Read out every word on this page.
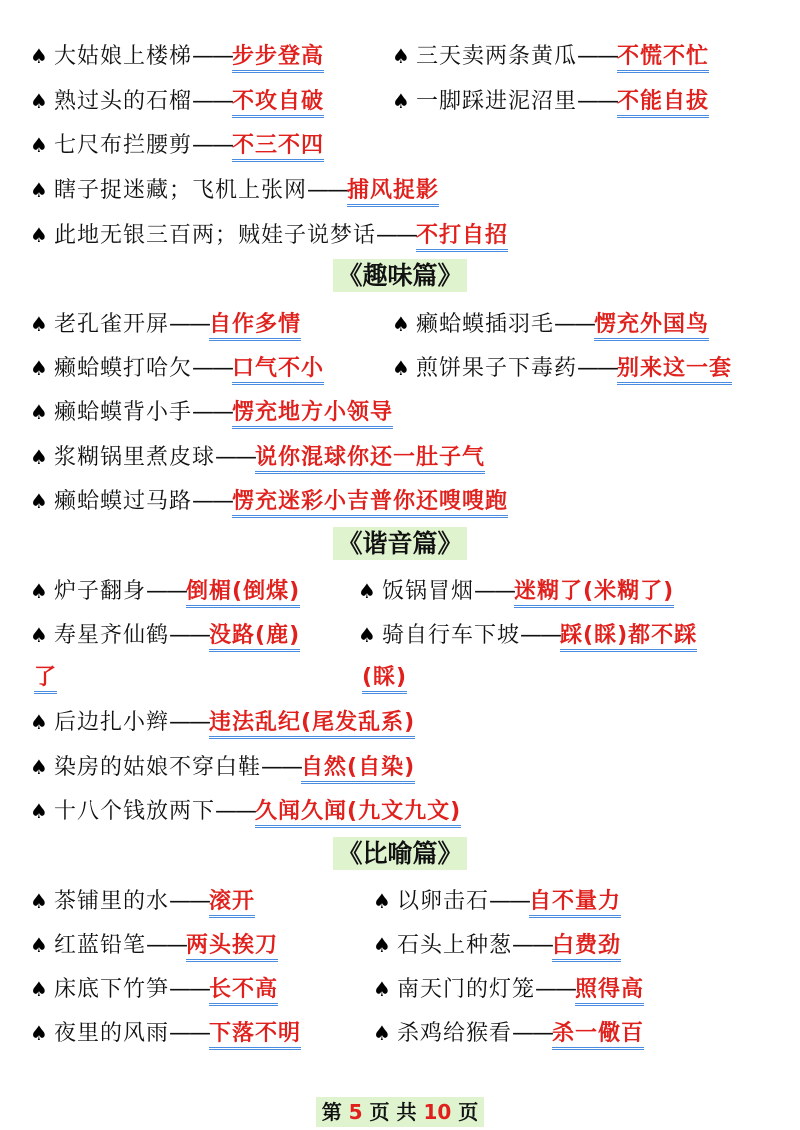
♠ 大姑娘上楼梯——步步登高	♠ 三天卖两条黄瓜——不慌不忙
♠ 熟过头的石榴——不攻自破	♠ 一脚踩进泥沼里——不能自拔
♠ 七尺布拦腰剪——不三不四
♠ 瞎子捉迷藏；飞机上张网——捕风捉影
♠ 此地无银三百两；贼娃子说梦话——不打自招
《趣味篇》
♠ 老孔雀开屏——自作多情	♠ 癞蛤蟆插羽毛——愣充外国鸟
♠ 癞蛤蟆打哈欠——口气不小	♠ 煎饼果子下毒药——别来这一套
♠ 癞蛤蟆背小手——愣充地方小领导
♠ 浆糊锅里煮皮球——说你混球你还一肚子气
♠ 癞蛤蟆过马路——愣充迷彩小吉普你还嗖嗖跑
《谐音篇》
♠ 炉子翻身——倒楣(倒煤)	♠ 饭锅冒烟——迷糊了(米糊了)
♠ 寿星齐仙鹤——没路(鹿)	♠ 骑自行车下坡——踩(睬)都不踩
了	(睬)
♠ 后边扎小辫——违法乱纪(尾发乱系)
♠ 染房的姑娘不穿白鞋——自然(自染)
♠ 十八个钱放两下——久闻久闻(九文九文)
《比喻篇》
♠ 茶铺里的水——滚开	♠ 以卵击石——自不量力
♠ 红蓝铅笔——两头挨刀	♠ 石头上种葱——白费劲
♠ 床底下竹笋——长不高	♠ 南天门的灯笼——照得高
♠ 夜里的风雨——下落不明	♠ 杀鸡给猴看——杀一儆百
第 5 页 共 10 页
